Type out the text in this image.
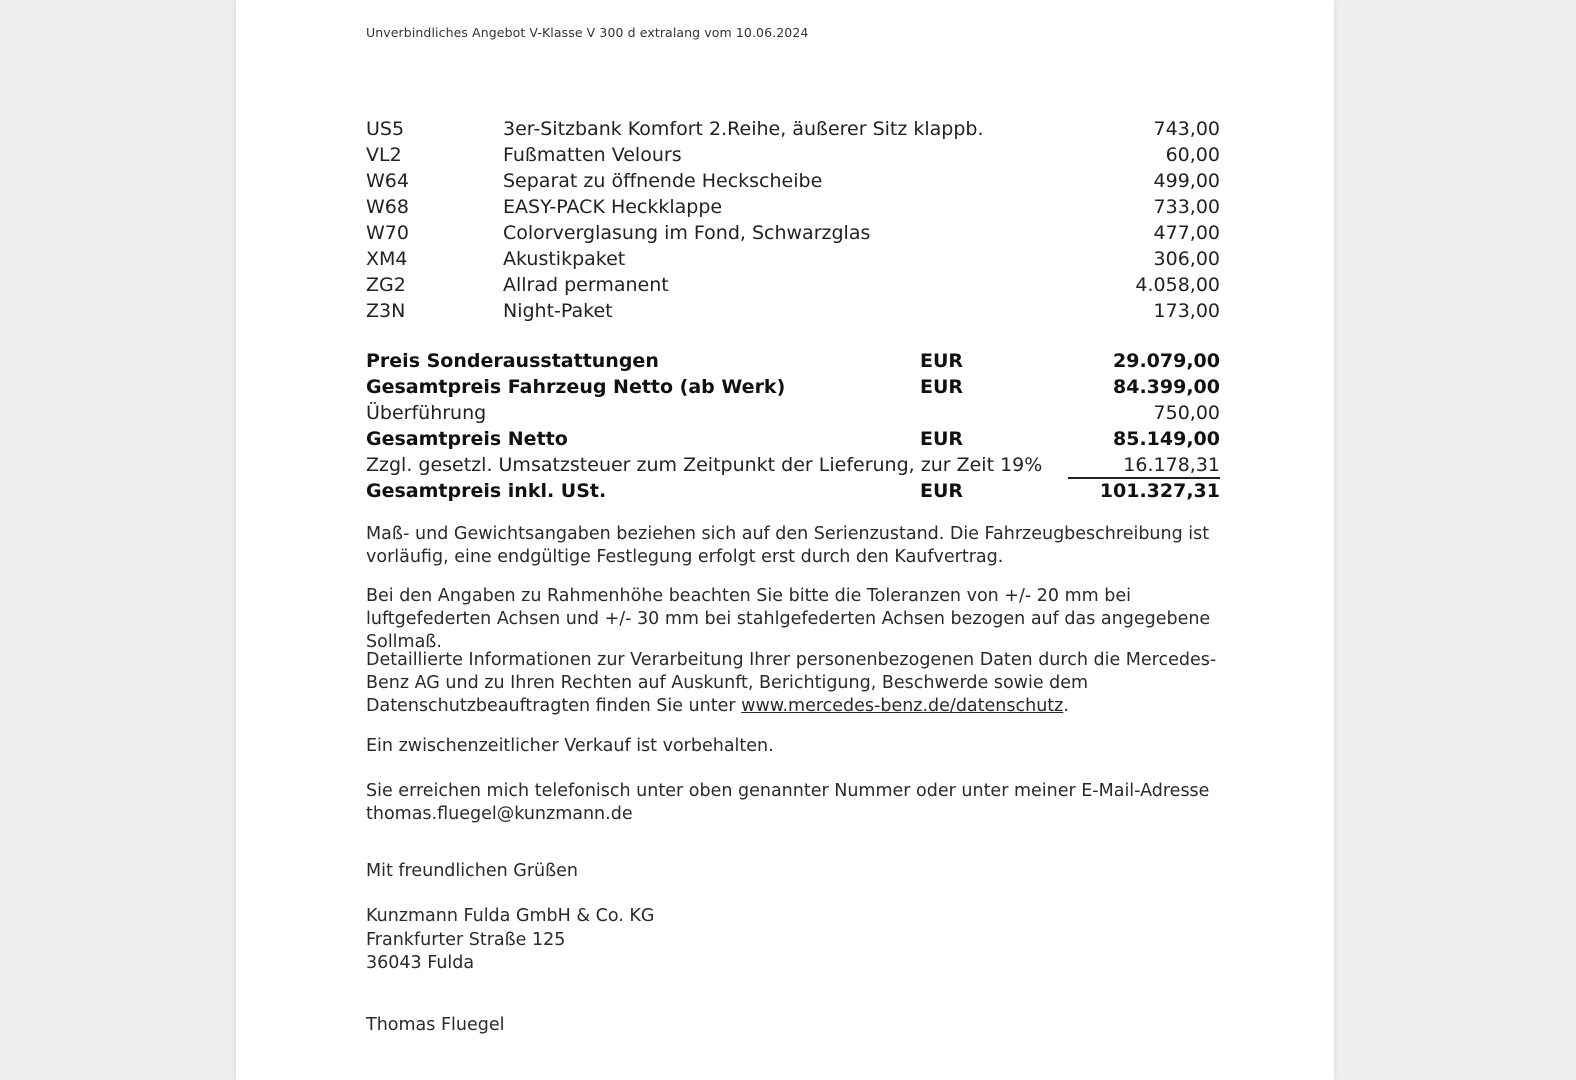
Unverbindliches Angebot V-Klasse V 300 d extralang vom 10.06.2024
US5	3er-Sitzbank Komfort 2.Reihe, äußerer Sitz klappb.	743,00
VL2	Fußmatten Velours	60,00
W64	Separat zu öffnende Heckscheibe	499,00
W68	EASY-PACK Heckklappe	733,00
W70	Colorverglasung im Fond, Schwarzglas	477,00
XM4	Akustikpaket	306,00
ZG2	Allrad permanent	4.058,00
Z3N	Night-Paket	173,00
Preis Sonderausstattungen	EUR	29.079,00
Gesamtpreis Fahrzeug Netto (ab Werk)	EUR	84.399,00
Überführung	750,00
Gesamtpreis Netto	EUR	85.149,00
Zzgl. gesetzl. Umsatzsteuer zum Zeitpunkt der Lieferung, zur Zeit 19%	16.178,31
Gesamtpreis inkl. USt.	EUR	101.327,31
Maß- und Gewichtsangaben beziehen sich auf den Serienzustand. Die Fahrzeugbeschreibung ist vorläufig, eine endgültige Festlegung erfolgt erst durch den Kaufvertrag.
Bei den Angaben zu Rahmenhöhe beachten Sie bitte die Toleranzen von +/- 20 mm bei luftgefederten Achsen und +/- 30 mm bei stahlgefederten Achsen bezogen auf das angegebene Sollmaß.
Detaillierte Informationen zur Verarbeitung Ihrer personenbezogenen Daten durch die Mercedes-Benz AG und zu Ihren Rechten auf Auskunft, Berichtigung, Beschwerde sowie dem Datenschutzbeauftragten finden Sie unter www.mercedes-benz.de/datenschutz.
Ein zwischenzeitlicher Verkauf ist vorbehalten.
Sie erreichen mich telefonisch unter oben genannter Nummer oder unter meiner E-Mail-Adresse
thomas.fluegel@kunzmann.de
Mit freundlichen Grüßen
Kunzmann Fulda GmbH & Co. KG
Frankfurter Straße 125
36043 Fulda
Thomas Fluegel
